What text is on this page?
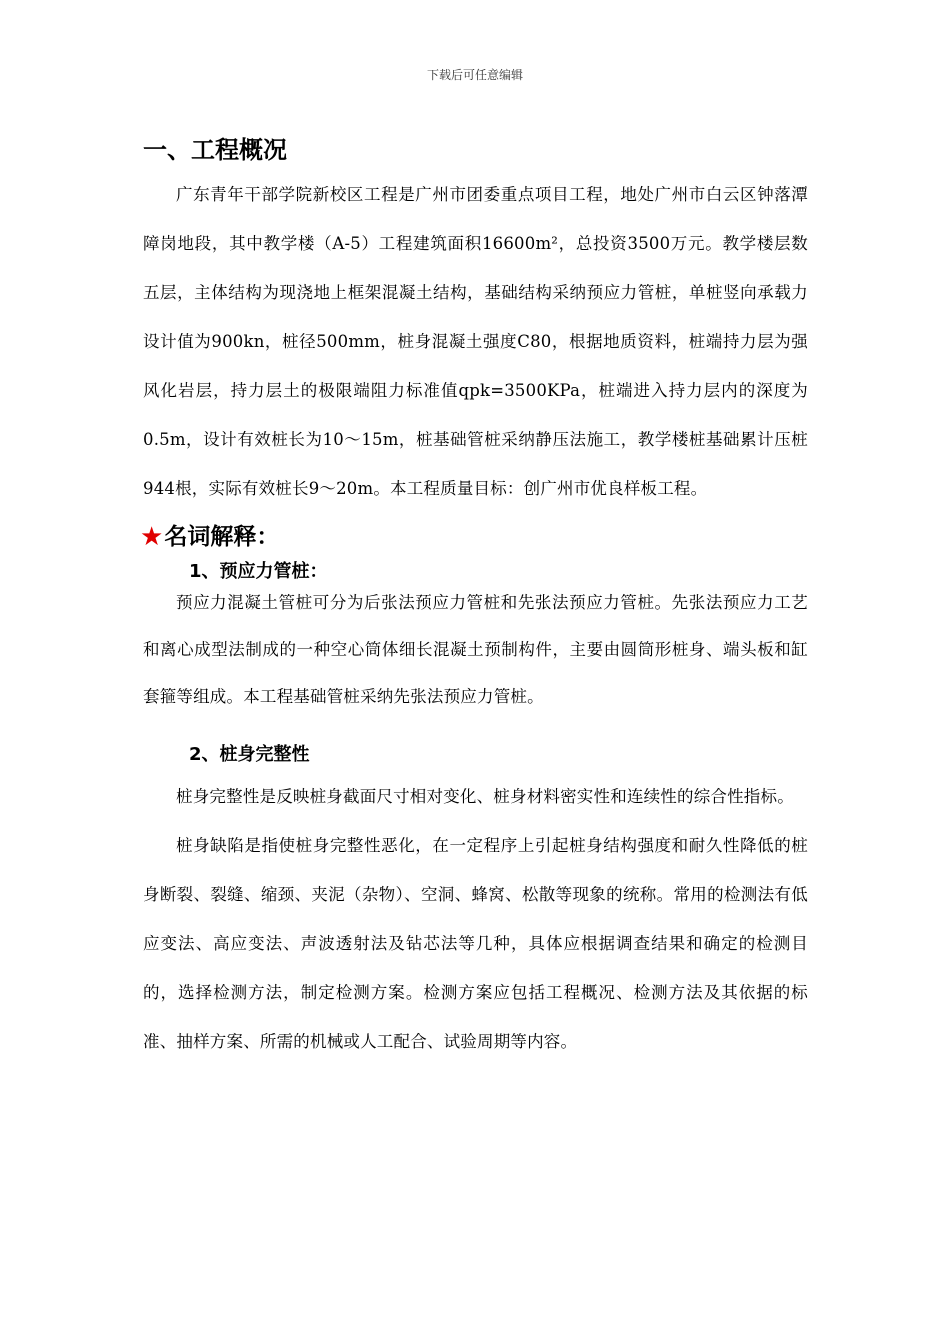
下载后可任意编辑
一、工程概况

广东青年干部学院新校区工程是广州市团委重点项目工程，地处广州市白云区钟落潭障岗地段，其中教学楼（A-5）工程建筑面积16600m²，总投资3500万元。教学楼层数五层，主体结构为现浇地上框架混凝土结构，基础结构采纳预应力管桩，单桩竖向承载力设计值为900kn，桩径500mm，桩身混凝土强度C80，根据地质资料，桩端持力层为强风化岩层，持力层土的极限端阻力标准值qpk=3500KPa，桩端进入持力层内的深度为0.5m，设计有效桩长为10～15m，桩基础管桩采纳静压法施工，教学楼桩基础累计压桩944根，实际有效桩长9～20m。本工程质量目标：创广州市优良样板工程。

★ 名词解释：
1、预应力管桩：

预应力混凝土管桩可分为后张法预应力管桩和先张法预应力管桩。先张法预应力工艺和离心成型法制成的一种空心筒体细长混凝土预制构件，主要由圆筒形桩身、端头板和缸套箍等组成。本工程基础管桩采纳先张法预应力管桩。

2、桩身完整性

桩身完整性是反映桩身截面尺寸相对变化、桩身材料密实性和连续性的综合性指标。

桩身缺陷是指使桩身完整性恶化，在一定程序上引起桩身结构强度和耐久性降低的桩身断裂、裂缝、缩颈、夹泥（杂物）、空洞、蜂窝、松散等现象的统称。常用的检测法有低应变法、高应变法、声波透射法及钻芯法等几种，具体应根据调查结果和确定的检测目的，选择检测方法，制定检测方案。检测方案应包括工程概况、检测方法及其依据的标准、抽样方案、所需的机械或人工配合、试验周期等内容。
